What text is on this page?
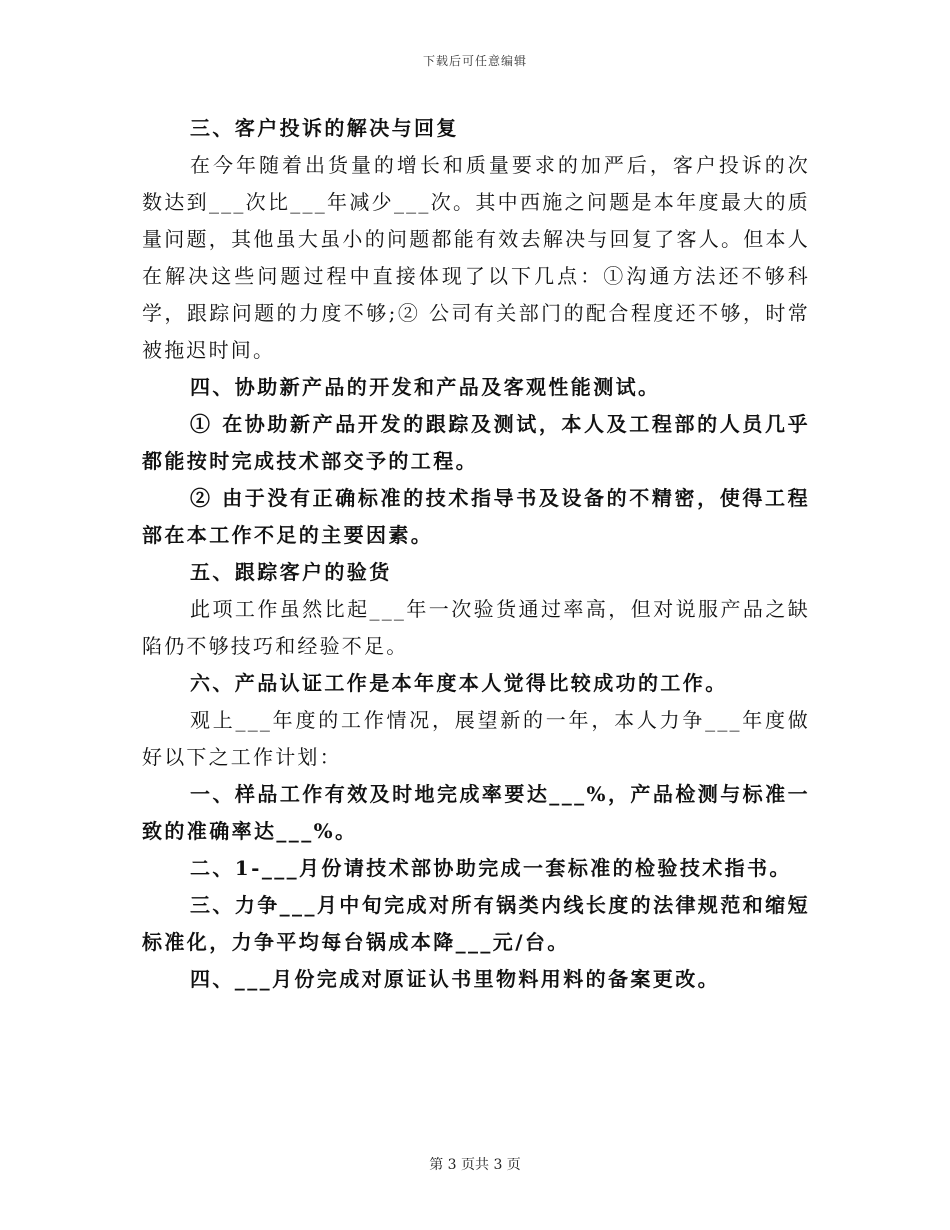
下载后可任意编辑

三、客户投诉的解决与回复

在今年随着出货量的增长和质量要求的加严后，客户投诉的次数达到___次比___年减少___次。其中西施之问题是本年度最大的质量问题，其他虽大虽小的问题都能有效去解决与回复了客人。但本人在解决这些问题过程中直接体现了以下几点：①沟通方法还不够科学，跟踪问题的力度不够;② 公司有关部门的配合程度还不够，时常被拖迟时间。

四、协助新产品的开发和产品及客观性能测试。

① 在协助新产品开发的跟踪及测试，本人及工程部的人员几乎都能按时完成技术部交予的工程。

② 由于没有正确标准的技术指导书及设备的不精密，使得工程部在本工作不足的主要因素。

五、跟踪客户的验货

此项工作虽然比起___年一次验货通过率高，但对说服产品之缺陷仍不够技巧和经验不足。

六、产品认证工作是本年度本人觉得比较成功的工作。

观上___年度的工作情况，展望新的一年，本人力争___年度做好以下之工作计划：

一、样品工作有效及时地完成率要达___%，产品检测与标准一致的准确率达___%。

二、1-___月份请技术部协助完成一套标准的检验技术指书。

三、力争___月中旬完成对所有锅类内线长度的法律规范和缩短标准化，力争平均每台锅成本降___元/台。

四、___月份完成对原证认书里物料用料的备案更改。

第 3 页共 3 页
